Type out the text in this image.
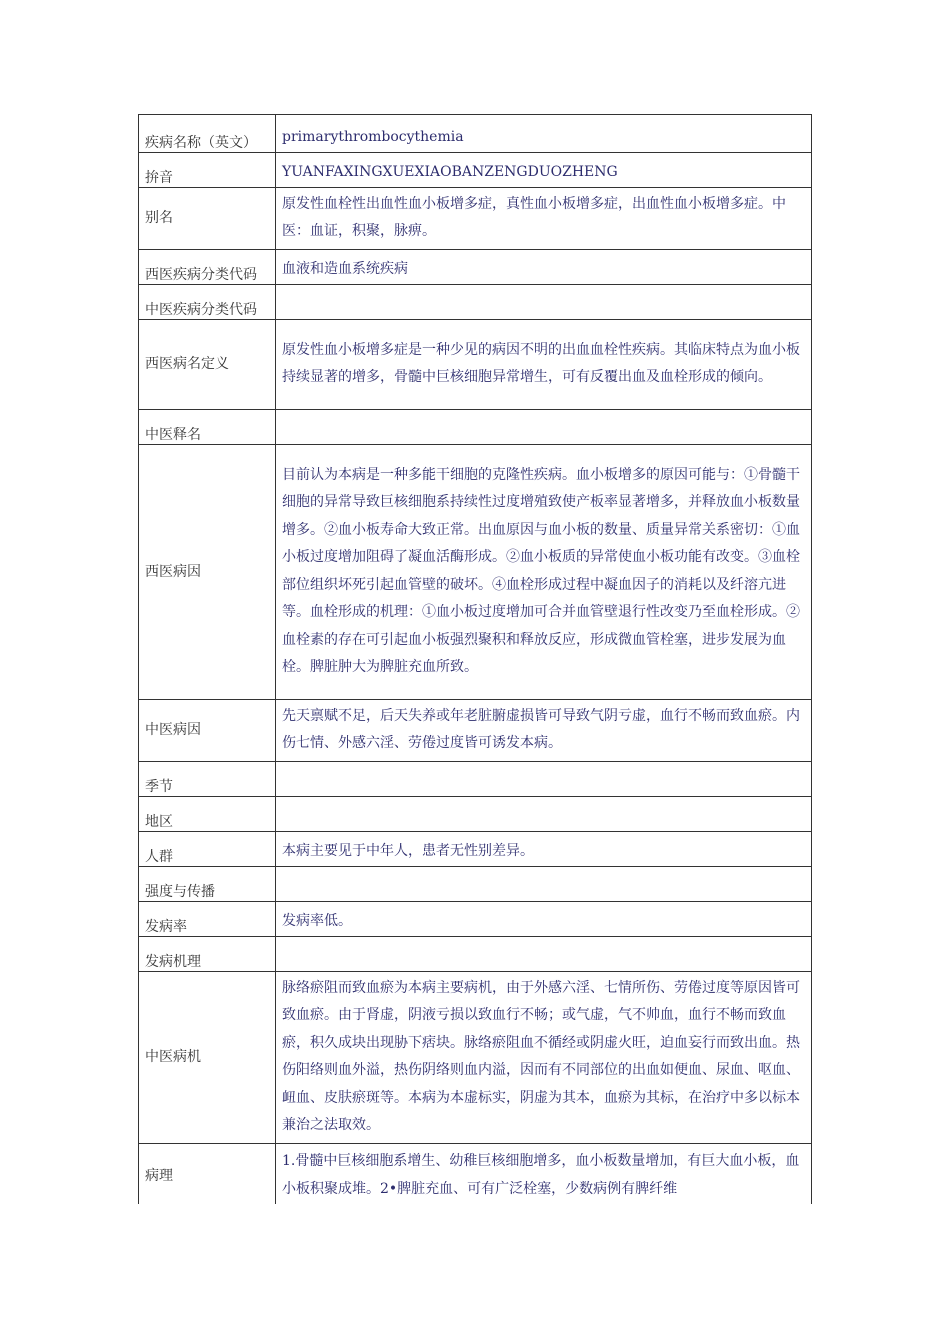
疾病名称（英文）	primarythrombocythemia
拚音	YUANFAXINGXUEXIAOBANZENGDUOZHENG
别名	原发性血栓性出血性血小板增多症，真性血小板增多症，出血性血小板增多症。中医：血证，积聚，脉痹。
西医疾病分类代码	血液和造血系统疾病
中医疾病分类代码	
西医病名定义	原发性血小板增多症是一种少见的病因不明的出血血栓性疾病。其临床特点为血小板持续显著的增多，骨髓中巨核细胞异常增生，可有反覆出血及血栓形成的倾向。
中医释名	
西医病因	目前认为本病是一种多能干细胞的克隆性疾病。血小板增多的原因可能与：①骨髓干细胞的异常导致巨核细胞系持续性过度增殖致使产板率显著增多，并释放血小板数量增多。②血小板寿命大致正常。出血原因与血小板的数量、质量异常关系密切：①血小板过度增加阻碍了凝血活酶形成。②血小板质的异常使血小板功能有改变。③血栓部位组织坏死引起血管壁的破坏。④血栓形成过程中凝血因子的消耗以及纤溶亢进等。血栓形成的机理：①血小板过度增加可合并血管壁退行性改变乃至血栓形成。②血栓素的存在可引起血小板强烈聚积和释放反应，形成微血管栓塞，进步发展为血栓。脾脏肿大为脾脏充血所致。
中医病因	先天禀赋不足，后天失养或年老脏腑虚损皆可导致气阴亏虚，血行不畅而致血瘀。内伤七情、外感六淫、劳倦过度皆可诱发本病。
季节	
地区	
人群	本病主要见于中年人，患者无性别差异。
强度与传播	
发病率	发病率低。
发病机理	
中医病机	脉络瘀阻而致血瘀为本病主要病机，由于外感六淫、七情所伤、劳倦过度等原因皆可致血瘀。由于肾虚，阴液亏损以致血行不畅；或气虚，气不帅血，血行不畅而致血瘀，积久成块出现胁下痞块。脉络瘀阻血不循经或阴虚火旺，迫血妄行而致出血。热伤阳络则血外溢，热伤阴络则血内溢，因而有不同部位的出血如便血、尿血、呕血、衄血、皮肤瘀斑等。本病为本虚标实，阴虚为其本，血瘀为其标，在治疗中多以标本兼治之法取效。
病理	1.骨髓中巨核细胞系增生、幼稚巨核细胞增多，血小板数量增加，有巨大血小板，血小板积聚成堆。2•脾脏充血、可有广泛栓塞，少数病例有脾纤维
